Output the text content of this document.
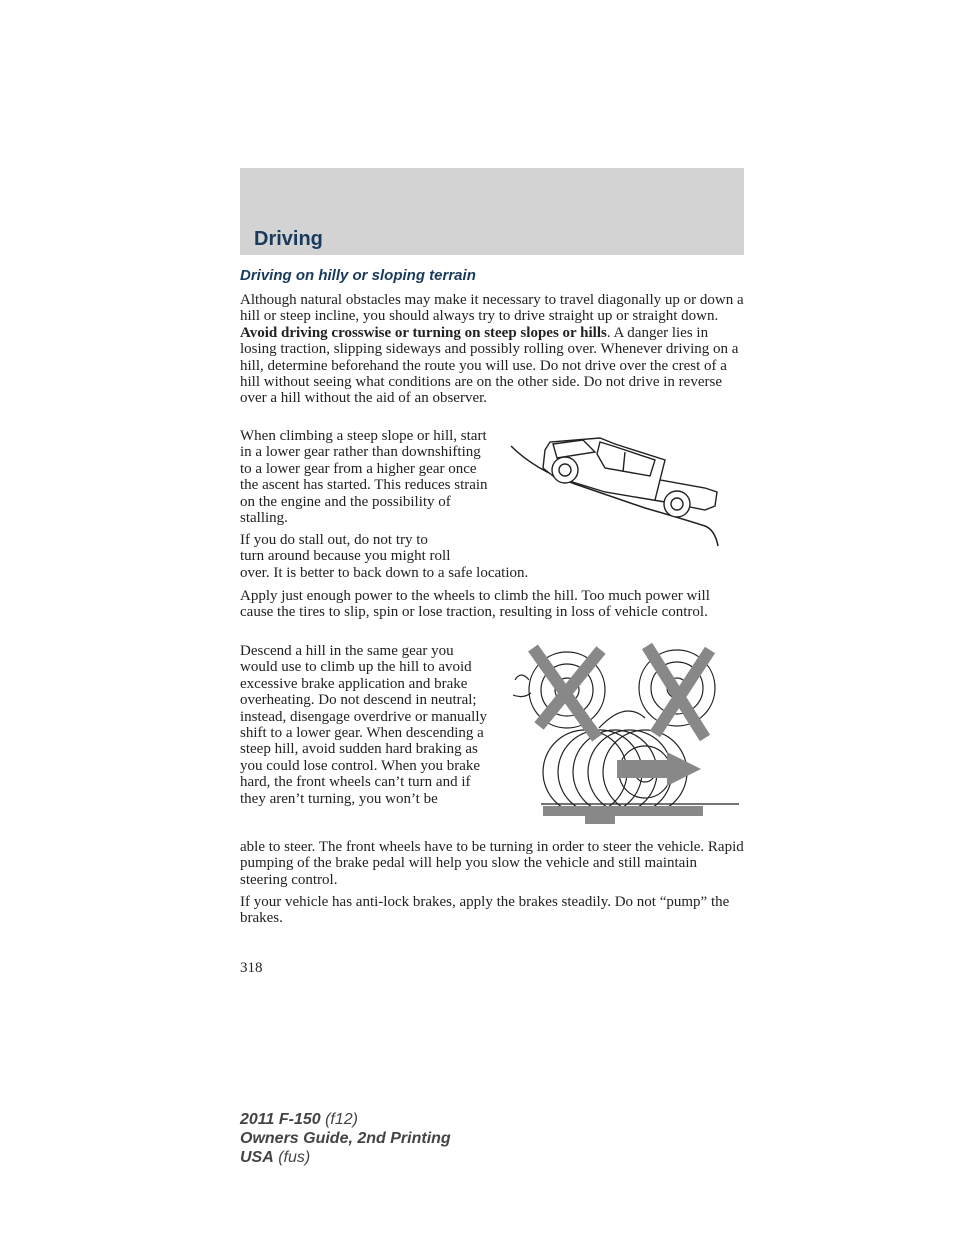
Driving
Driving on hilly or sloping terrain

Although natural obstacles may make it necessary to travel diagonally up or down a hill or steep incline, you should always try to drive straight up or straight down. Avoid driving crosswise or turning on steep slopes or hills. A danger lies in losing traction, slipping sideways and possibly rolling over. Whenever driving on a hill, determine beforehand the route you will use. Do not drive over the crest of a hill without seeing what conditions are on the other side. Do not drive in reverse over a hill without the aid of an observer.

When climbing a steep slope or hill, start in a lower gear rather than downshifting to a lower gear from a higher gear once the ascent has started. This reduces strain on the engine and the possibility of stalling.

If you do stall out, do not try to
turn around because you might roll
over. It is better to back down to a safe location.

Apply just enough power to the wheels to climb the hill. Too much power will cause the tires to slip, spin or lose traction, resulting in loss of vehicle control.

Descend a hill in the same gear you would use to climb up the hill to avoid excessive brake application and brake overheating. Do not descend in neutral; instead, disengage overdrive or manually shift to a lower gear. When descending a steep hill, avoid sudden hard braking as you could lose control. When you brake hard, the front wheels can’t turn and if they aren’t turning, you won’t be

able to steer. The front wheels have to be turning in order to steer the vehicle. Rapid pumping of the brake pedal will help you slow the vehicle and still maintain steering control.

If your vehicle has anti-lock brakes, apply the brakes steadily. Do not “pump” the brakes.

318
2011 F-150 (f12)
Owners Guide, 2nd Printing
USA (fus)
